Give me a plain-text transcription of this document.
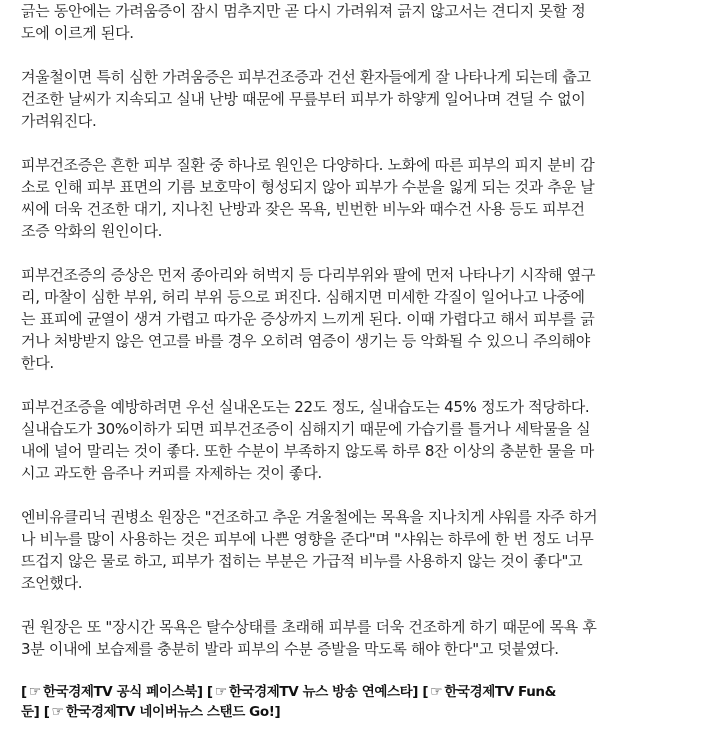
긁는 동안에는 가려움증이 잠시 멈추지만 곧 다시 가려워져 긁지 않고서는 견디지 못할 정
도에 이르게 된다.

겨울철이면 특히 심한 가려움증은 피부건조증과 건선 환자들에게 잘 나타나게 되는데 춥고
건조한 날씨가 지속되고 실내 난방 때문에 무릎부터 피부가 하얗게 일어나며 견딜 수 없이
가려워진다.

피부건조증은 흔한 피부 질환 중 하나로 원인은 다양하다. 노화에 따른 피부의 피지 분비 감
소로 인해 피부 표면의 기름 보호막이 형성되지 않아 피부가 수분을 잃게 되는 것과 추운 날
씨에 더욱 건조한 대기, 지나친 난방과 잦은 목욕, 빈번한 비누와 때수건 사용 등도 피부건
조증 악화의 원인이다.

피부건조증의 증상은 먼저 종아리와 허벅지 등 다리부위와 팔에 먼저 나타나기 시작해 옆구
리, 마찰이 심한 부위, 허리 부위 등으로 퍼진다. 심해지면 미세한 각질이 일어나고 나중에
는 표피에 균열이 생겨 가렵고 따가운 증상까지 느끼게 된다. 이때 가렵다고 해서 피부를 긁
거나 처방받지 않은 연고를 바를 경우 오히려 염증이 생기는 등 악화될 수 있으니 주의해야
한다.

피부건조증을 예방하려면 우선 실내온도는 22도 정도, 실내습도는 45% 정도가 적당하다.
실내습도가 30%이하가 되면 피부건조증이 심해지기 때문에 가습기를 틀거나 세탁물을 실
내에 널어 말리는 것이 좋다. 또한 수분이 부족하지 않도록 하루 8잔 이상의 충분한 물을 마
시고 과도한 음주나 커피를 자제하는 것이 좋다.

엔비유클리닉 권병소 원장은 "건조하고 추운 겨울철에는 목욕을 지나치게 샤워를 자주 하거
나 비누를 많이 사용하는 것은 피부에 나쁜 영향을 준다"며 "샤워는 하루에 한 번 정도 너무
뜨겁지 않은 물로 하고, 피부가 접히는 부분은 가급적 비누를 사용하지 않는 것이 좋다"고
조언했다.

권 원장은 또 "장시간 목욕은 탈수상태를 초래해 피부를 더욱 건조하게 하기 때문에 목욕 후
3분 이내에 보습제를 충분히 발라 피부의 수분 증발을 막도록 해야 한다"고 덧붙였다.

[ ☞ 한국경제TV 공식 페이스북] [ ☞ 한국경제TV 뉴스 방송 연예스타] [ ☞ 한국경제TV Fun&
둔] [ ☞ 한국경제TV 네이버뉴스 스탠드 Go!]
